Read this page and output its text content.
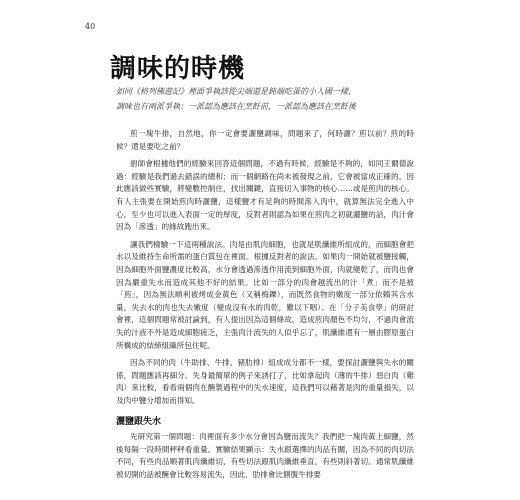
40
調味的時機
如同《格列佛遊記》裡面爭執該從尖端還是鈍端吃蛋的小人國一樣，
調味也有兩派爭執：一派認為應該在烹飪前，一派認為應該在烹飪後

煎一塊牛排，自然地，你一定會要灑鹽調味，問題來了，何時灑？煎以前？煎的時候？還是要吃之前？

廚師會根據他們的經驗來回答這個問題，不過有時候，經驗是不夠的，如同王爾德說過：經驗是我們過去錯誤的總和；而一個網路在尚未被發現之前，它會被當成正確的。因此應該做些實驗，將變數控制住，找出關鍵，直接切入事物的核心……或是煎肉的核心。有人主張要在開始煎肉時灑鹽，這樣鹽才有足夠的時間滲入肉中，就算無法完全進入中心，至少也可以進入表面一定的厚度，反對者則認為如果在煎肉之初就灑鹽的話，肉汁會因為「滲透」的緣故跑出來。

讓我們檢驗一下這兩種說法。肉是由肌肉細胞，也就是肌纖維所組成的，而細胞會把水以及維持生命所需的蛋白質包在裡面。根據反對者的說法，如果肉一開始就被鹽接觸，因為細胞外面鹽濃度比較高，水分會透過滲透作用流到細胞外面，肉就變乾了，而肉也會因為嚴重失水而造成其他不好的結果。比如一部分的肉會越流出的汁「煮」而不是被「煎」，因為無法順利被烤成金黃色（又稱梅鑠），而既然食物的嫩度一部分依賴其含水量，失去水的肉也失去嫩度（變成沒有水的肉乾，難以下咽）。在「分子美食學」的研討會裡，這個問題常被討論到，有人提出因為這個條故，造成煎肉顏色不均匀，不過肉會流失的汁液不外是造成細胞疲乏，主張肉汁流失的人似乎忘了，肌纖維還有一層由膠原蛋白所構成的結締組織所包住呢。

因為不同的肉（牛助排、牛排、豬肋排）組成成分都不一樣，要探討灑鹽與失水的關係，問題應該再細分。失身最簡單的例子來誘打了，比如拿起肉（薄的牛排）惡白肉（雞肉）來比較，看看兩個肉在醃製過程中的失水速度，這我們可以藉著是肉的重量損失，以及肉中鹽分增加而得知。

灑鹽跟失水

先研究第一個問題：肉裡面有多少水分會因為鹽而流失？我們把一塊肉黃上細鹽，然後每隔一段時間秤秤看重量。實驗結果顯示：失水跟選擇的肉品有關，因為不同的肉切法不同，有些肉品順著肌肉纖維切，有些切法跟肌肉纖維垂直，有些則斜著切。通常肌纖維被切開的話被醃會比較容易流失，因此，肋排會比側腹牛排要
